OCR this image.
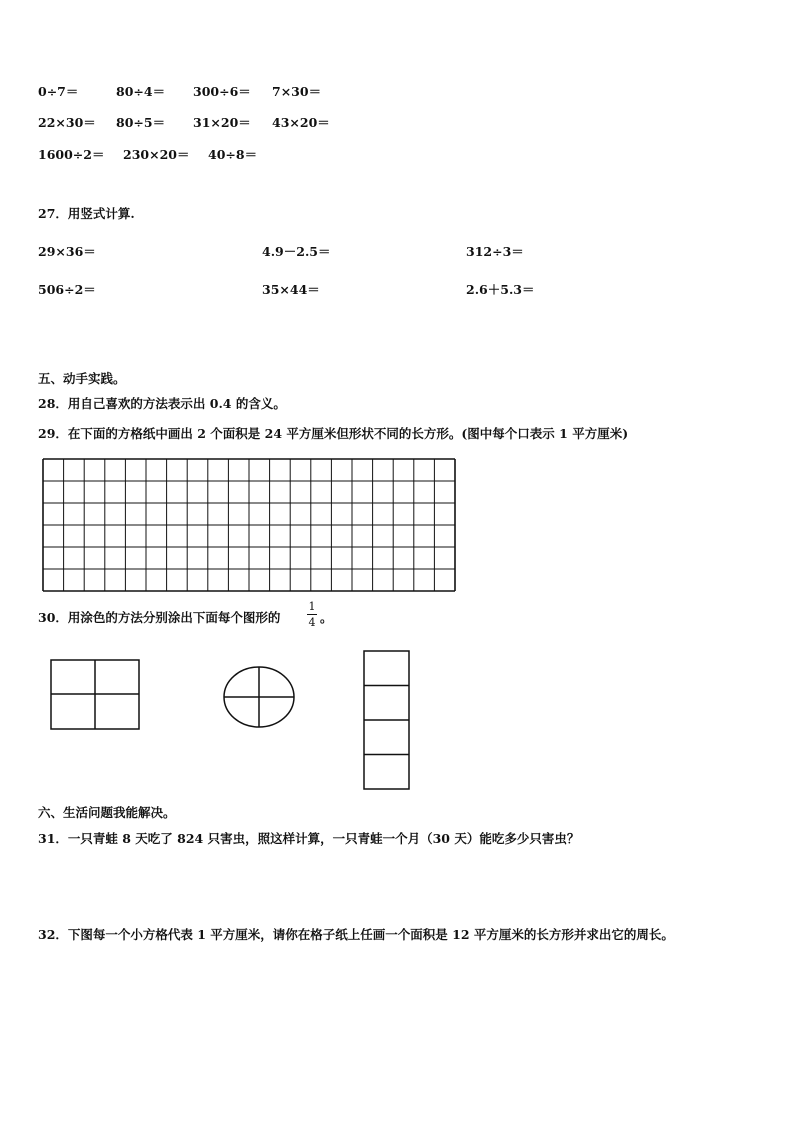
0÷7＝	80÷4＝ 300÷6＝ 7×30＝
22×30＝ 80÷5＝ 31×20＝ 43×20＝
1600÷2＝ 230×20＝ 40÷8＝
27．用竖式计算.
29×36＝	4.9－2.5＝	312÷3＝
506÷2＝	35×44＝	2.6＋5.3＝
五、动手实践。
28．用自己喜欢的方法表示出 0.4 的含义。
29．在下面的方格纸中画出 2 个面积是 24 平方厘米但形状不同的长方形。(图中每个口表示 1 平方厘米)
30．用涂色的方法分别涂出下面每个图形的 $\frac{1}{4}$ 。
六、生活问题我能解决。
31．一只青蛙 8 天吃了 824 只害虫，照这样计算，一只青蛙一个月（30 天）能吃多少只害虫？
32．下图每一个小方格代表 1 平方厘米，请你在格子纸上任画一个面积是 12 平方厘米的长方形并求出它的周长。
